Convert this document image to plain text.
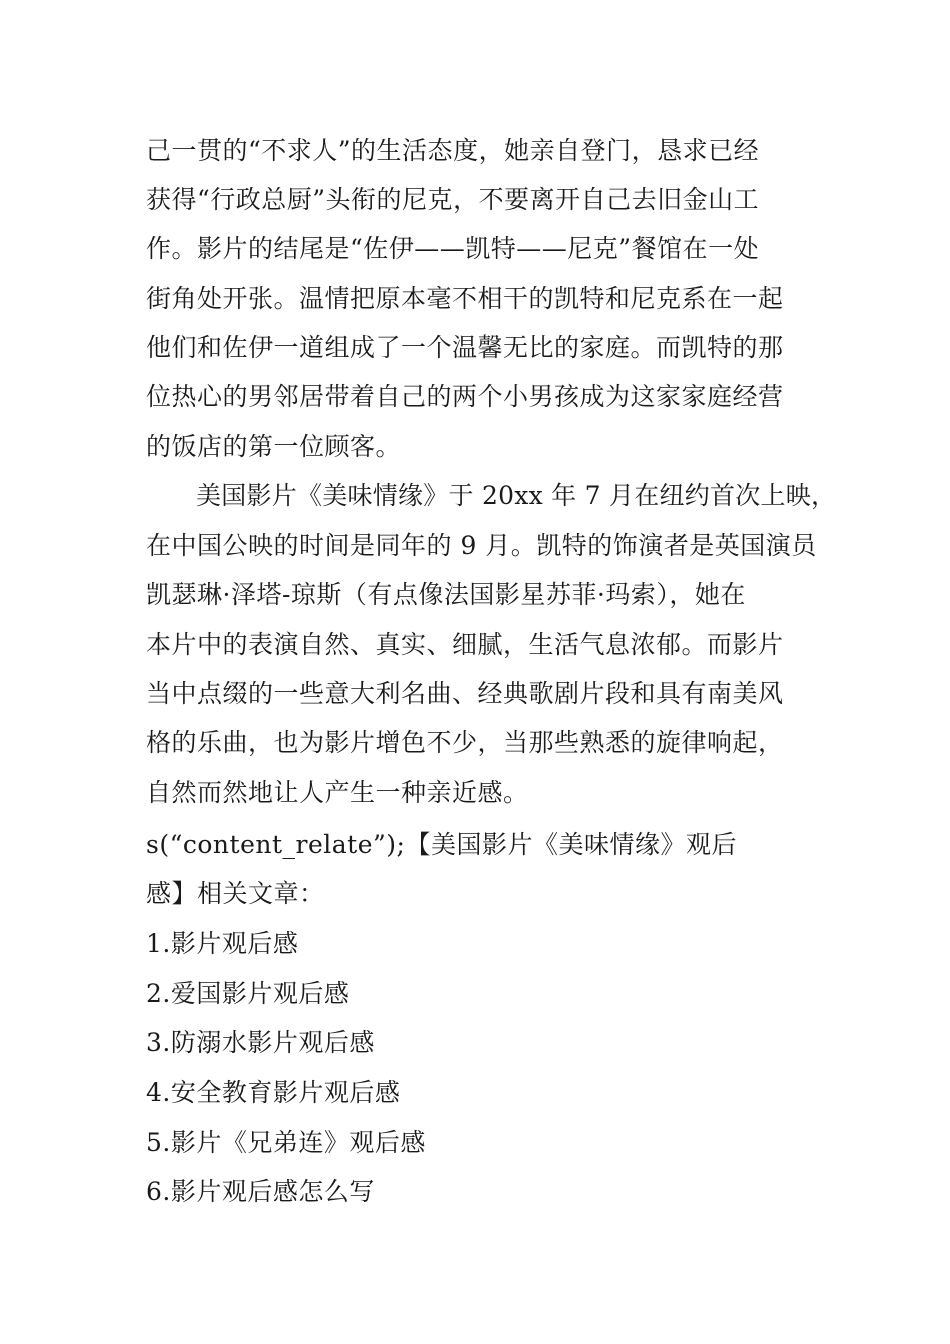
己一贯的“不求人”的生活态度，她亲自登门，恳求已经
获得“行政总厨”头衔的尼克，不要离开自己去旧金山工
作。影片的结尾是“佐伊——凯特——尼克”餐馆在一处
街角处开张。温情把原本毫不相干的凯特和尼克系在一起
他们和佐伊一道组成了一个温馨无比的家庭。而凯特的那
位热心的男邻居带着自己的两个小男孩成为这家家庭经营
的饭店的第一位顾客。
美国影片《美味情缘》于 20xx 年 7 月在纽约首次上映，
在中国公映的时间是同年的 9 月。凯特的饰演者是英国演员
凯瑟琳·泽塔-琼斯（有点像法国影星苏菲·玛索），她在
本片中的表演自然、真实、细腻，生活气息浓郁。而影片
当中点缀的一些意大利名曲、经典歌剧片段和具有南美风
格的乐曲，也为影片增色不少，当那些熟悉的旋律响起，
自然而然地让人产生一种亲近感。
s(“content_relate”);【美国影片《美味情缘》观后
感】相关文章：
1.影片观后感
2.爱国影片观后感
3.防溺水影片观后感
4.安全教育影片观后感
5.影片《兄弟连》观后感
6.影片观后感怎么写
